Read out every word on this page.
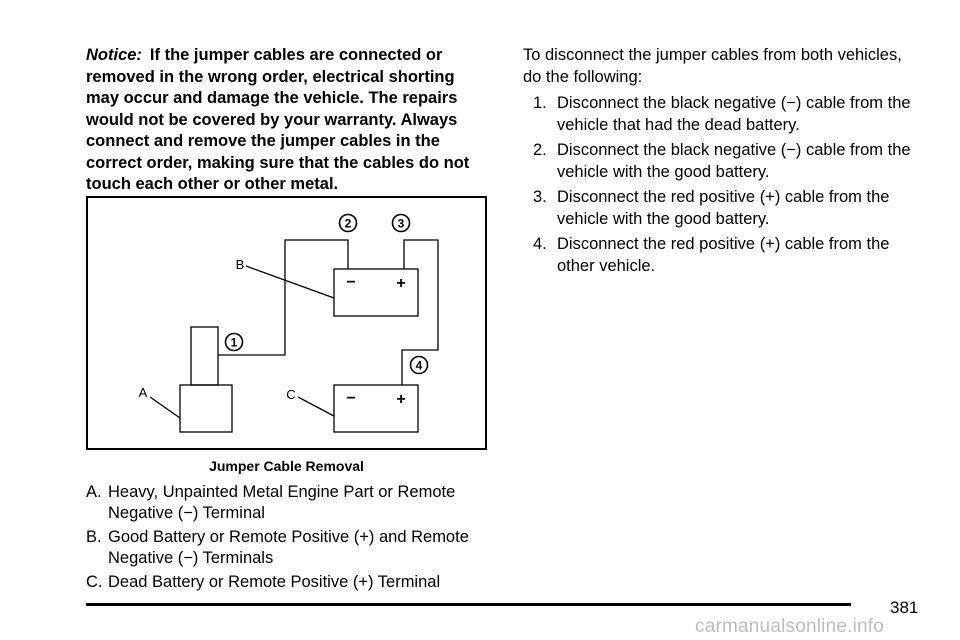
Notice: If the jumper cables are connected or removed in the wrong order, electrical shorting may occur and damage the vehicle. The repairs would not be covered by your warranty. Always connect and remove the jumper cables in the correct order, making sure that the cables do not touch each other or other metal.

−	+
−	+
B
A	C
1
2	3
4
Jumper Cable Removal
A. Heavy, Unpainted Metal Engine Part or Remote Negative (−) Terminal
B. Good Battery or Remote Positive (+) and Remote Negative (−) Terminals
C. Dead Battery or Remote Positive (+) Terminal

To disconnect the jumper cables from both vehicles, do the following:

1. Disconnect the black negative (−) cable from the vehicle that had the dead battery.
2. Disconnect the black negative (−) cable from the vehicle with the good battery.
3. Disconnect the red positive (+) cable from the vehicle with the good battery.
4. Disconnect the red positive (+) cable from the other vehicle.
381
carmanualsonline.info
